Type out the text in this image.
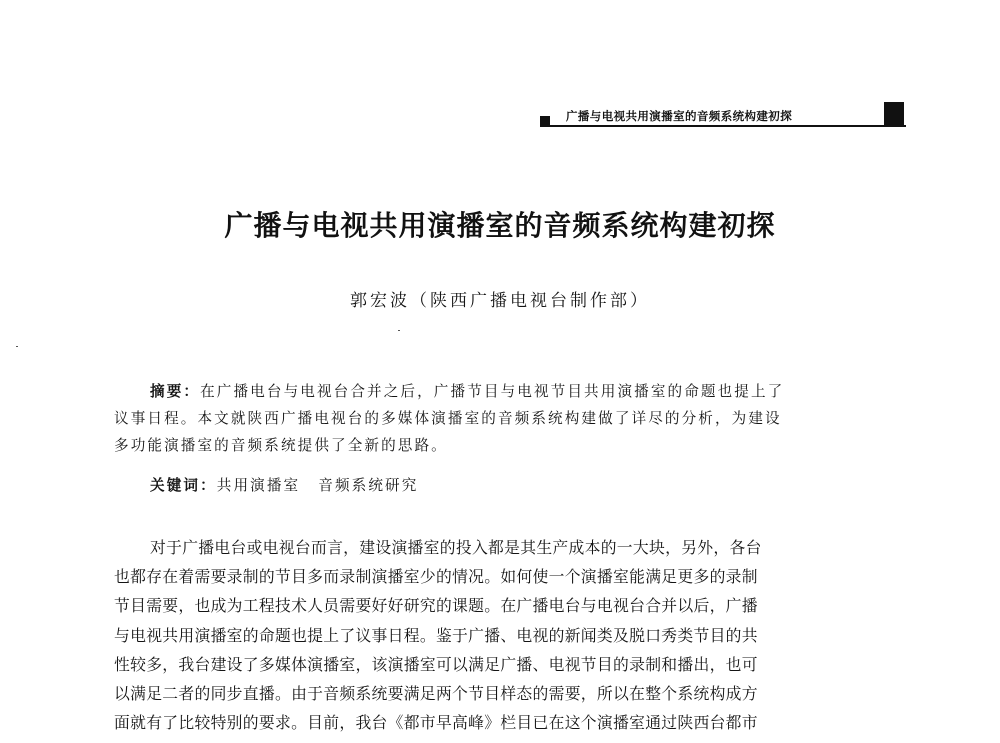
广播与电视共用演播室的音频系统构建初探
广播与电视共用演播室的音频系统构建初探
郭宏波（陕西广播电视台制作部）
摘要：在广播电台与电视台合并之后，广播节目与电视节目共用演播室的命题也提上了
议事日程。本文就陕西广播电视台的多媒体演播室的音频系统构建做了详尽的分析，为建设
多功能演播室的音频系统提供了全新的思路。
关键词：共用演播室 音频系统研究
对于广播电台或电视台而言，建设演播室的投入都是其生产成本的一大块，另外，各台
也都存在着需要录制的节目多而录制演播室少的情况。如何使一个演播室能满足更多的录制
节目需要，也成为工程技术人员需要好好研究的课题。在广播电台与电视台合并以后，广播
与电视共用演播室的命题也提上了议事日程。鉴于广播、电视的新闻类及脱口秀类节目的共
性较多，我台建设了多媒体演播室，该演播室可以满足广播、电视节目的录制和播出，也可
以满足二者的同步直播。由于音频系统要满足两个节目样态的需要，所以在整个系统构成方
面就有了比较特别的要求。目前，我台《都市早高峰》栏目已在这个演播室通过陕西台都市
